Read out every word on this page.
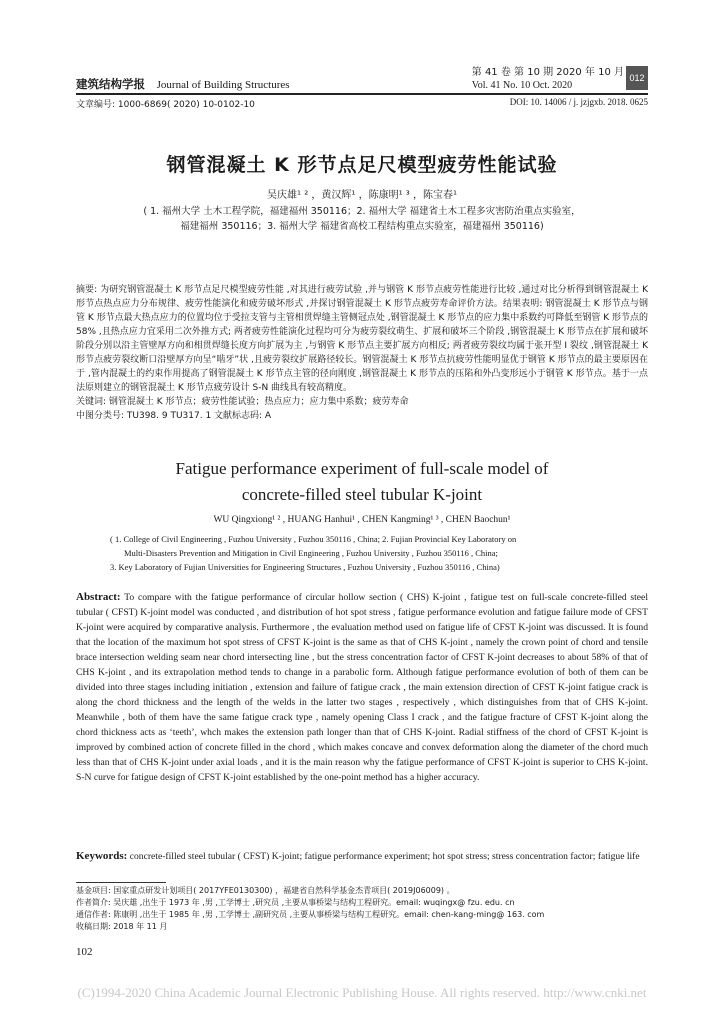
建筑结构学报 Journal of Building Structures
第 41 卷 第 10 期 2020 年 10 月
Vol. 41 No. 10 Oct. 2020
012
文章编号: 1000-6869( 2020) 10-0102-10	DOI: 10. 14006 / j. jzjgxb. 2018. 0625
钢管混凝土 K 形节点足尺模型疲劳性能试验
吴庆雄¹ ² ，黄汉辉¹ ，陈康明¹ ³ ，陈宝春¹
( 1. 福州大学 土木工程学院，福建福州 350116；2. 福州大学 福建省土木工程多灾害防治重点实验室，
福建福州 350116；3. 福州大学 福建省高校工程结构重点实验室，福建福州 350116)

摘要: 为研究钢管混凝土 K 形节点足尺模型疲劳性能 ,对其进行疲劳试验 ,并与钢管 K 形节点疲劳性能进行比较 ,通过对比分析得到钢管混凝土 K 形节点热点应力分布规律、疲劳性能演化和疲劳破坏形式 ,并探讨钢管混凝土 K 形节点疲劳寿命评价方法。结果表明: 钢管混凝土 K 形节点与钢管 K 形节点最大热点应力的位置均位于受拉支管与主管相贯焊缝主管侧冠点处 ,钢管混凝土 K 形节点的应力集中系数约可降低至钢管 K 形节点的 58% ,且热点应力宜采用二次外推方式; 两者疲劳性能演化过程均可分为疲劳裂纹萌生、扩展和破坏三个阶段 ,钢管混凝土 K 形节点在扩展和破坏阶段分别以沿主管壁厚方向和相贯焊缝长度方向扩展为主 ,与钢管 K 形节点主要扩展方向相反; 两者疲劳裂纹均属于张开型 I 裂纹 ,钢管混凝土 K 形节点疲劳裂纹断口沿壁厚方向呈“啮牙”状 ,且疲劳裂纹扩展路径较长。钢管混凝土 K 形节点抗疲劳性能明显优于钢管 K 形节点的最主要原因在于 ,管内混凝土的约束作用提高了钢管混凝土 K 形节点主管的径向刚度 ,钢管混凝土 K 形节点的压陷和外凸变形远小于钢管 K 形节点。基于一点法原则建立的钢管混凝土 K 形节点疲劳设计 S-N 曲线具有较高精度。

关键词: 钢管混凝土 K 形节点；疲劳性能试验；热点应力；应力集中系数；疲劳寿命

中图分类号: TU398. 9 TU317. 1 文献标志码: A

Fatigue performance experiment of full-scale model of
concrete-filled steel tubular K-joint
WU Qingxiong¹ ² , HUANG Hanhui¹ , CHEN Kangming¹ ³ , CHEN Baochun¹
( 1. College of Civil Engineering , Fuzhou University , Fuzhou 350116 , China; 2. Fujian Provincial Key Laboratory on
Multi-Disasters Prevention and Mitigation in Civil Engineering , Fuzhou University , Fuzhou 350116 , China;
3. Key Laboratory of Fujian Universities for Engineering Structures , Fuzhou University , Fuzhou 350116 , China)
Abstract: To compare with the fatigue performance of circular hollow section ( CHS) K-joint , fatigue test on full-scale concrete-filled steel tubular ( CFST) K-joint model was conducted , and distribution of hot spot stress , fatigue performance evolution and fatigue failure mode of CFST K-joint were acquired by comparative analysis. Furthermore , the evaluation method used on fatigue life of CFST K-joint was discussed. It is found that the location of the maximum hot spot stress of CFST K-joint is the same as that of CHS K-joint , namely the crown point of chord and tensile brace intersection welding seam near chord intersecting line , but the stress concentration factor of CFST K-joint decreases to about 58% of that of CHS K-joint , and its extrapolation method tends to change in a parabolic form. Although fatigue performance evolution of both of them can be divided into three stages including initiation , extension and failure of fatigue crack , the main extension direction of CFST K-joint fatigue crack is along the chord thickness and the length of the welds in the latter two stages , respectively , which distinguishes from that of CHS K-joint. Meanwhile , both of them have the same fatigue crack type , namely opening Class I crack , and the fatigue fracture of CFST K-joint along the chord thickness acts as ‘teeth’, whch makes the extension path longer than that of CHS K-joint. Radial stiffness of the chord of CFST K-joint is improved by combined action of concrete filled in the chord , which makes concave and convex deformation along the diameter of the chord much less than that of CHS K-joint under axial loads , and it is the main reason why the fatigue performance of CFST K-joint is superior to CHS K-joint. S-N curve for fatigue design of CFST K-joint established by the one-point method has a higher accuracy.
Keywords: concrete-filled steel tubular ( CFST) K-joint; fatigue performance experiment; hot spot stress; stress concentration factor; fatigue life
基金项目: 国家重点研发计划项目( 2017YFE0130300) ，福建省自然科学基金杰青项目( 2019J06009) 。
作者简介: 吴庆雄 ,出生于 1973 年 ,男 ,工学博士 ,研究员 ,主要从事桥梁与结构工程研究。email: wuqingx@ fzu. edu. cn
通信作者: 陈康明 ,出生于 1985 年 ,男 ,工学博士 ,副研究员 ,主要从事桥梁与结构工程研究。email: chen-kang-ming@ 163. com
收稿日期: 2018 年 11 月
102
(C)1994-2020 China Academic Journal Electronic Publishing House. All rights reserved. http://www.cnki.net
